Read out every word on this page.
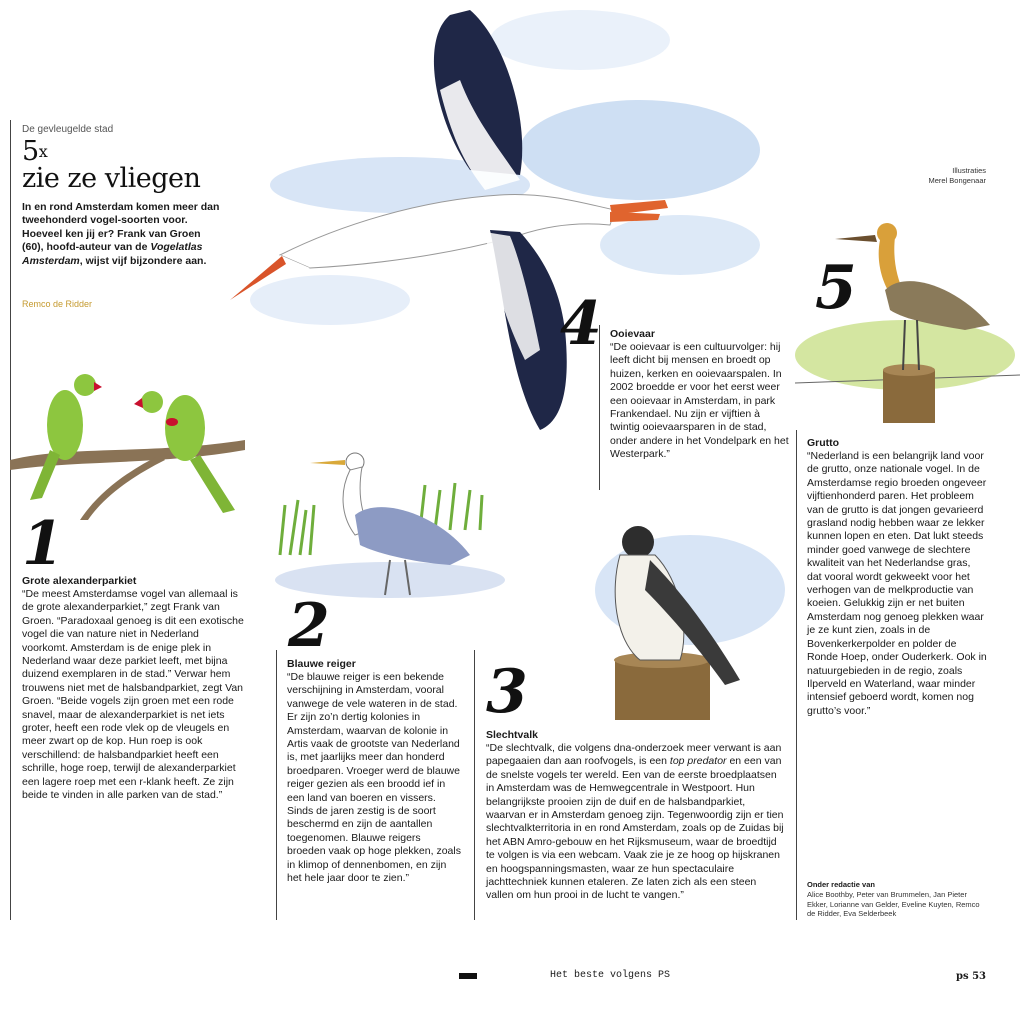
De gevleugelde stad
5$^x$
zie ze vliegen
In en rond Amsterdam komen meer dan tweehonderd vogel-soorten voor. Hoeveel ken jij er? Frank van Groen (60), hoofd-auteur van de Vogelatlas Amsterdam, wijst vijf bijzondere aan.
Remco de Ridder
Illustraties
Merel Bongenaar
1
Grote alexanderparkiet
“De meest Amsterdamse vogel van allemaal is de grote alexanderparkiet,” zegt Frank van Groen. “Paradoxaal genoeg is dit een exotische vogel die van nature niet in Nederland voorkomt. Amsterdam is de enige plek in Nederland waar deze parkiet leeft, met bijna duizend exemplaren in de stad.” Verwar hem trouwens niet met de halsbandparkiet, zegt Van Groen. “Beide vogels zijn groen met een rode snavel, maar de alexanderparkiet is net iets groter, heeft een rode vlek op de vleugels en meer zwart op de kop. Hun roep is ook verschillend: de halsbandparkiet heeft een schrille, hoge roep, terwijl de alexanderparkiet een lagere roep met een r-klank heeft. Ze zijn beide te vinden in alle parken van de stad.”
2
Blauwe reiger
“De blauwe reiger is een bekende verschijning in Amsterdam, vooral vanwege de vele wateren in de stad. Er zijn zo’n dertig kolonies in Amsterdam, waarvan de kolonie in Artis vaak de grootste van Nederland is, met jaarlijks meer dan honderd broedparen. Vroeger werd de blauwe reiger gezien als een broodd ief in een land van boeren en vissers. Sinds de jaren zestig is de soort beschermd en zijn de aantallen toegenomen. Blauwe reigers broeden vaak op hoge plekken, zoals in klimop of dennenbomen, en zijn het hele jaar door te zien.”
3
Slechtvalk
“De slechtvalk, die volgens dna-onderzoek meer verwant is aan papegaaien dan aan roofvogels, is een top predator en een van de snelste vogels ter wereld. Een van de eerste broedplaatsen in Amsterdam was de Hemwegcentrale in Westpoort. Hun belangrijkste prooien zijn de duif en de halsbandparkiet, waarvan er in Amsterdam genoeg zijn. Tegenwoordig zijn er tien slechtvalkterritoria in en rond Amsterdam, zoals op de Zuidas bij het ABN Amro-gebouw en het Rijksmuseum, waar de broedtijd te volgen is via een webcam. Vaak zie je ze hoog op hijskranen en hoogspanningsmasten, waar ze hun spectaculaire jachttechniek kunnen etaleren. Ze laten zich als een steen vallen om hun prooi in de lucht te vangen.”
4 Ooievaar
“De ooievaar is een cultuurvolger: hij leeft dicht bij mensen en broedt op huizen, kerken en ooievaarspalen. In 2002 broedde er voor het eerst weer een ooievaar in Amsterdam, in park Frankendael. Nu zijn er vijftien à twintig ooievaarsparen in de stad, onder andere in het Vondelpark en het Westerpark.”
5
Grutto
“Nederland is een belangrijk land voor de grutto, onze nationale vogel. In de Amsterdamse regio broeden ongeveer vijftienhonderd paren. Het probleem van de grutto is dat jongen gevarieerd grasland nodig hebben waar ze lekker kunnen lopen en eten. Dat lukt steeds minder goed vanwege de slechtere kwaliteit van het Nederlandse gras, dat vooral wordt gekweekt voor het verhogen van de melkproductie van koeien. Gelukkig zijn er net buiten Amsterdam nog genoeg plekken waar je ze kunt zien, zoals in de Bovenkerkerpolder en polder de Ronde Hoep, onder Ouderkerk. Ook in natuurgebieden in de regio, zoals Ilperveld en Waterland, waar minder intensief geboerd wordt, komen nog grutto’s voor.”
Onder redactie van
Alice Boothby, Peter van Brummelen, Jan Pieter Ekker, Lorianne van Gelder, Eveline Kuyten, Remco de Ridder, Eva Selderbeek
Het beste volgens PS	ps 53
